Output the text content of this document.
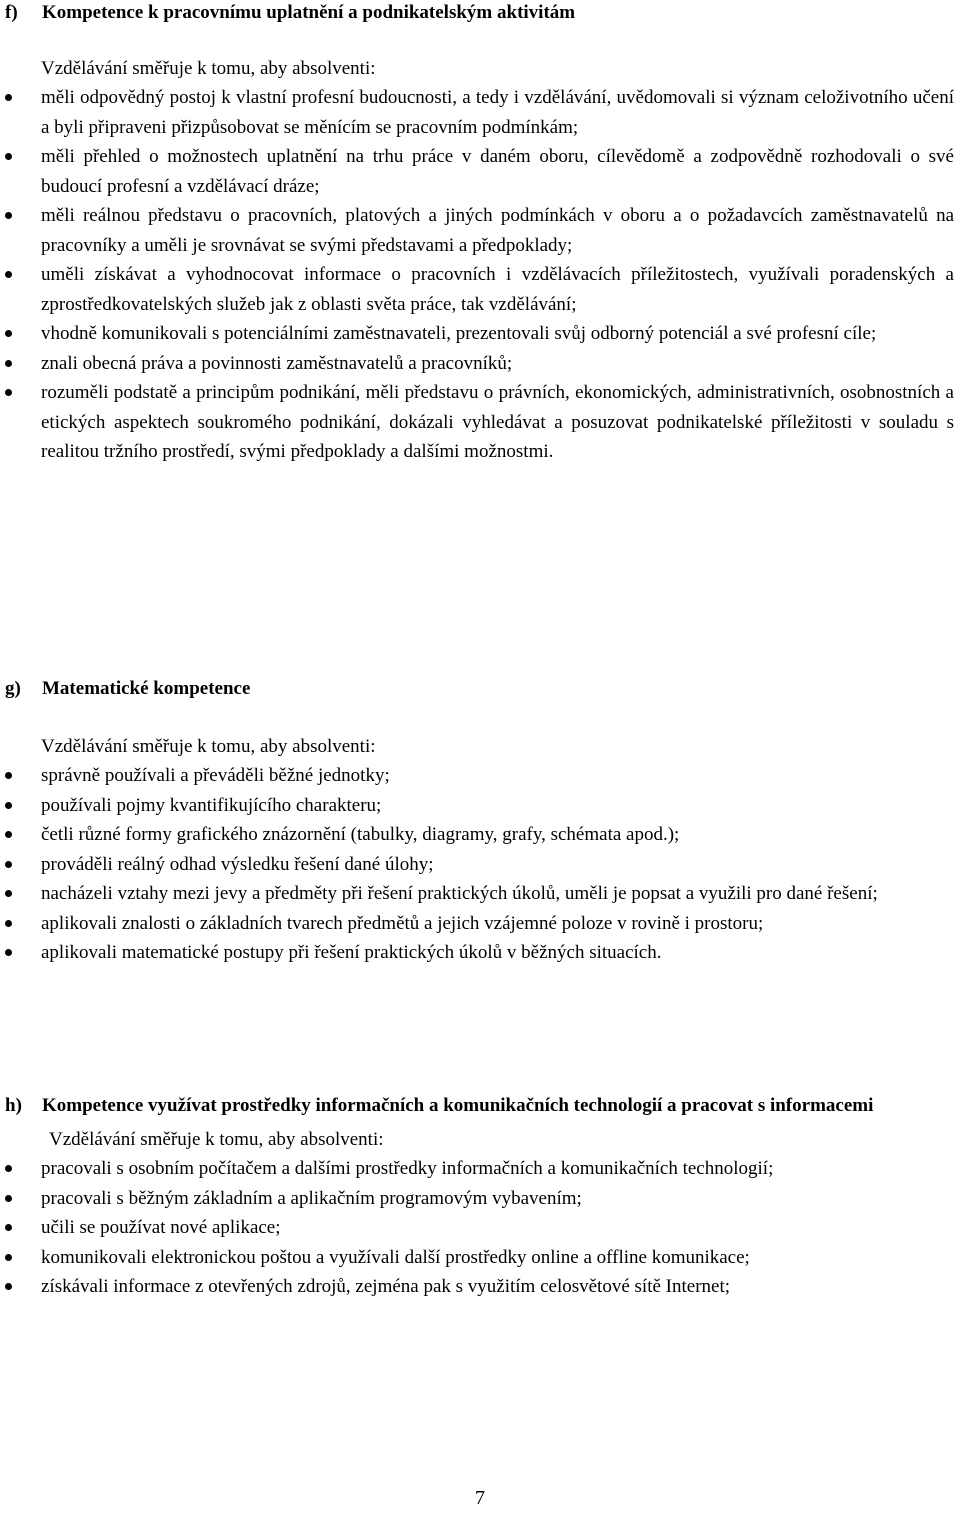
f)	Kompetence k pracovnímu uplatnění a podnikatelským aktivitám

Vzdělávání směřuje k tomu, aby absolventi:

měli odpovědný postoj k vlastní profesní budoucnosti, a tedy i vzdělávání, uvědomovali si význam celoživotního učení a byli připraveni přizpůsobovat se měnícím se pracovním podmínkám;
měli přehled o možnostech uplatnění na trhu práce v daném oboru, cílevědomě a zodpovědně rozhodovali o své budoucí profesní a vzdělávací dráze;
měli reálnou představu o pracovních, platových a jiných podmínkách v oboru a o požadavcích zaměstnavatelů na pracovníky a uměli je srovnávat se svými představami a předpoklady;
uměli získávat a vyhodnocovat informace o pracovních i vzdělávacích příležitostech, využívali poradenských a zprostředkovatelských služeb jak z oblasti světa práce, tak vzdělávání;
vhodně komunikovali s potenciálními zaměstnavateli, prezentovali svůj odborný potenciál a své profesní cíle;
znali obecná práva a povinnosti zaměstnavatelů a pracovníků;
rozuměli podstatě a principům podnikání, měli představu o právních, ekonomických, administrativních, osobnostních a etických aspektech soukromého podnikání, dokázali vyhledávat a posuzovat podnikatelské příležitosti v souladu s realitou tržního prostředí, svými předpoklady a dalšími možnostmi.
g)	Matematické kompetence

Vzdělávání směřuje k tomu, aby absolventi:

správně používali a převáděli běžné jednotky;
používali pojmy kvantifikujícího charakteru;
četli různé formy grafického znázornění (tabulky, diagramy, grafy, schémata apod.);
prováděli reálný odhad výsledku řešení dané úlohy;
nacházeli vztahy mezi jevy a předměty při řešení praktických úkolů, uměli je popsat a využili pro dané řešení;
aplikovali znalosti o základních tvarech předmětů a jejich vzájemné poloze v rovině i prostoru;
aplikovali matematické postupy při řešení praktických úkolů v běžných situacích.
h)	Kompetence využívat prostředky informačních a komunikačních technologií a pracovat s informacemi

Vzdělávání směřuje k tomu, aby absolventi:

pracovali s osobním počítačem a dalšími prostředky informačních a komunikačních technologií;
pracovali s běžným základním a aplikačním programovým vybavením;
učili se používat nové aplikace;
komunikovali elektronickou poštou a využívali další prostředky online a offline komunikace;
získávali informace z otevřených zdrojů, zejména pak s využitím celosvětové sítě Internet;
7
